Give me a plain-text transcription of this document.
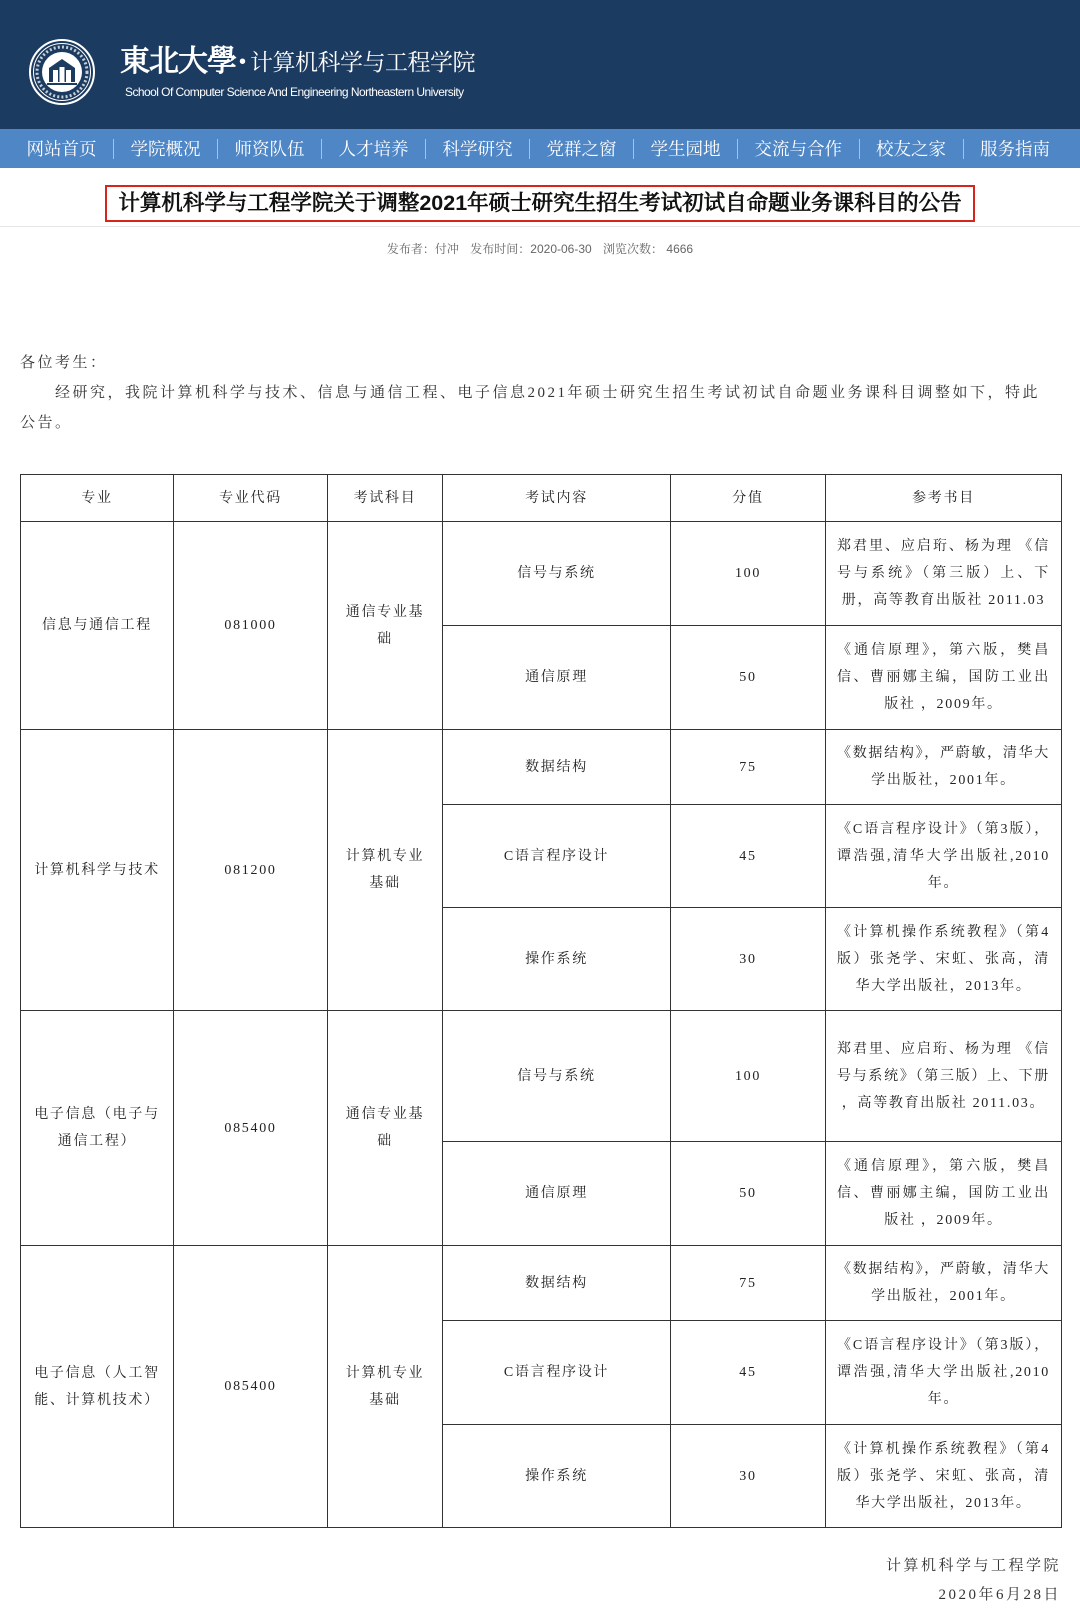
東北大學 • 计算机科学与工程学院
School Of Computer Science And Engineering Northeastern University
网站首页	学院概况	师资队伍	人才培养	科学研究	党群之窗	学生园地	交流与合作	校友之家	服务指南
计算机科学与工程学院关于调整2021年硕士研究生招生考试初试自命题业务课科目的公告
发布者：付冲 发布时间：2020-06-30 浏览次数： 4666

各位考生：

经研究，我院计算机科学与技术、信息与通信工程、电子信息2021年硕士研究生招生考试初试自命题业务课科目调整如下，特此公告。

专业	专业代码	考试科目	考试内容	分值	参考书目
信息与通信工程	081000	通信专业基础	信号与系统	100	郑君里、应启珩、杨为理 《信号与系统》（第三版）上、下册，高等教育出版社 2011.03
			通信原理	50	《通信原理》，第六版，樊昌信、曹丽娜主编，国防工业出版社 ，2009年。
计算机科学与技术	081200	计算机专业基础	数据结构	75	《数据结构》，严蔚敏，清华大学出版社，2001年。
			C语言程序设计	45	《C语言程序设计》（第3版）， 谭浩强,清华大学出版社,2010年。
			操作系统	30	《计算机操作系统教程》（第4版）张尧学、宋虹、张高，清华大学出版社，2013年。
电子信息（电子与通信工程）	085400	通信专业基础	信号与系统	100	郑君里、应启珩、杨为理 《信号与系统》（第三版）上、下册 ，高等教育出版社 2011.03。
			通信原理	50	《通信原理》，第六版，樊昌信、曹丽娜主编，国防工业出版社 ，2009年。
电子信息（人工智能、计算机技术）	085400	计算机专业基础	数据结构	75	《数据结构》，严蔚敏，清华大学出版社，2001年。
			C语言程序设计	45	《C语言程序设计》（第3版）， 谭浩强,清华大学出版社,2010年。
			操作系统	30	《计算机操作系统教程》（第4版）张尧学、宋虹、张高，清华大学出版社，2013年。
计算机科学与工程学院
2020年6月28日
